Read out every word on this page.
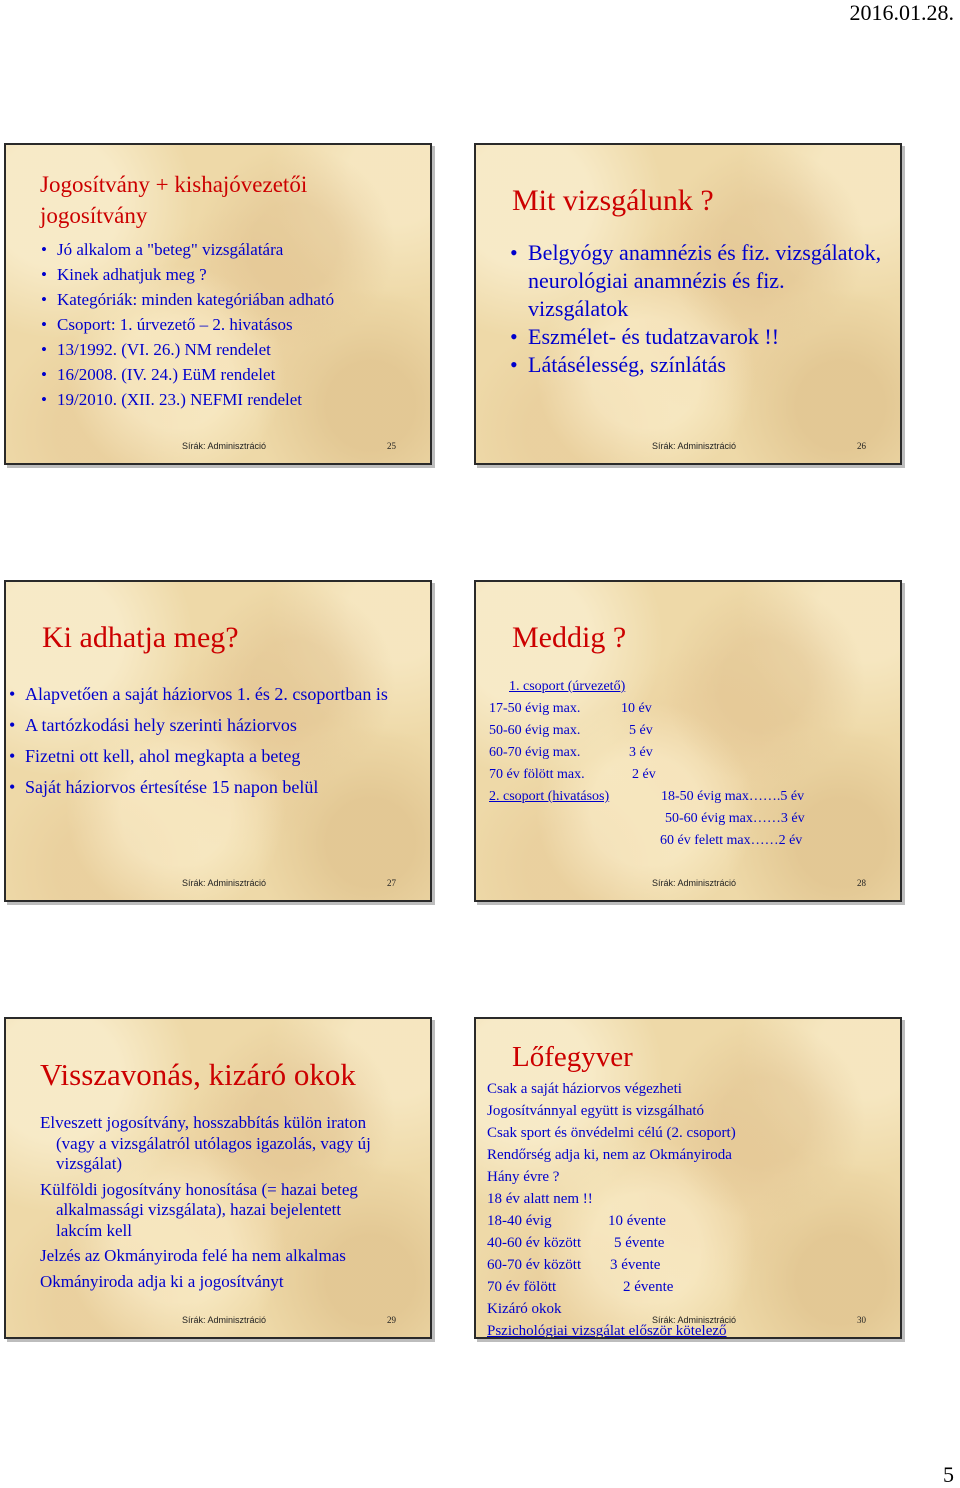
2016.01.28.
Jogosítvány + kishajóvezetői jogosítvány
• Jó alkalom a "beteg" vizsgálatára
• Kinek adhatjuk meg ?
• Kategóriák: minden kategóriában adható
• Csoport: 1. úrvezető – 2. hivatásos
• 13/1992. (VI. 26.) NM rendelet
• 16/2008. (IV. 24.) EüM rendelet
• 19/2010. (XII. 23.) NEFMI rendelet
Sírák: Adminisztráció	25
Mit vizsgálunk ?
• Belgyógy anamnézis és fiz. vizsgálatok, neurológiai anamnézis és fiz. vizsgálatok
• Eszmélet- és tudatzavarok !!
• Látásélesség, színlátás
Sírák: Adminisztráció	26
Ki adhatja meg?
• Alapvetően a saját háziorvos 1. és 2. csoportban is
• A tartózkodási hely szerinti háziorvos
• Fizetni ott kell, ahol megkapta a beteg
• Saját háziorvos értesítése 15 napon belül
Sírák: Adminisztráció	27
Meddig ?
1. csoport (úrvezető)
17-50 évig max.	10 év
50-60 évig max.	5 év
60-70 évig max.	3 év
70 év fölött max.	2 év
2. csoport (hivatásos)	18-50 évig max…….5 év
50-60 évig max……3 év
60 év felett max……2 év
Sírák: Adminisztráció	28
Visszavonás, kizáró okok
Elveszett jogosítvány, hosszabbítás külön iraton (vagy a vizsgálatról utólagos igazolás, vagy új vizsgálat)
Külföldi jogosítvány honosítása (= hazai beteg alkalmassági vizsgálata), hazai bejelentett lakcím kell
Jelzés az Okmányiroda felé ha nem alkalmas
Okmányiroda adja ki a jogosítványt
Sírák: Adminisztráció	29
Lőfegyver
Csak a saját háziorvos végezheti
Jogosítvánnyal együtt is vizsgálható
Csak sport és önvédelmi célú (2. csoport)
Rendőrség adja ki, nem az Okmányiroda
Hány évre ?
18 év alatt nem !!
18-40 évig	10 évente
40-60 év között 5 évente
60-70 év között 3 évente
70 év fölött	2 évente
Kizáró okok
Pszichológiai vizsgálat először kötelező
Sírák: Adminisztráció	30
5
